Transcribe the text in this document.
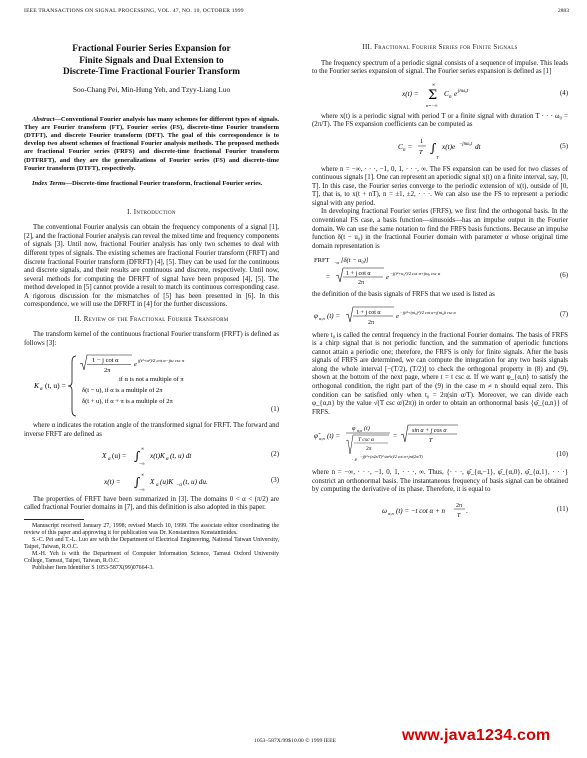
IEEE TRANSACTIONS ON SIGNAL PROCESSING, VOL. 47, NO. 10, OCTOBER 1999	2883
Fractional Fourier Series Expansion for
Finite Signals and Dual Extension to
Discrete-Time Fractional Fourier Transform
Soo-Chang Pei, Min-Hung Yeh, and Tzyy-Liang Luo
Abstract—Conventional Fourier analysis has many schemes for different types of signals. They are Fourier transform (FT), Fourier series (FS), discrete-time Fourier transform (DTFT), and discrete Fourier transform (DFT). The goal of this correspondence is to develop two absent schemes of fractional Fourier analysis methods. The proposed methods are fractional Fourier series (FRFS) and discrete-time fractional Fourier transform (DTFRFT), and they are the generalizations of Fourier series (FS) and discrete-time Fourier transform (DTFT), respectively.
Index Terms—Discrete-time fractional Fourier transform, fractional Fourier series.
I. Introduction

The conventional Fourier analysis can obtain the frequency components of a signal [1], [2], and the fractional Fourier analysis can reveal the mixed time and frequency components of signals [3]. Until now, fractional Fourier analysis has only two schemes to deal with different types of signals. The existing schemes are fractional Fourier transform (FRFT) and discrete fractional Fourier transform (DFRFT) [4], [5]. They can be used for the continuous and discrete signals, and their results are continuous and discrete, respectively. Until now, several methods for computing the DFRFT of signal have been proposed [4], [5]. The method developed in [5] cannot provide a result to match its continuous corresponding case. A rigorous discussion for the mismatches of [5] has been presented in [6]. In this correspondence, we will use the DFRFT in [4] for the further discussions.

II. Review of the Fractional Fourier Transform

The transform kernel of the continuous fractional Fourier transform (FRFT) is defined as follows [3]:

K α (t, u) =
1 − j cot α
2π
e
j(t²+u²)/2 cot α−jtu csc α
if α is not a multiple of π
δ(t − u), if α is a multiple of 2π
δ(t + u), if α + π is a multiple of 2π
(1)

where α indicates the rotation angle of the transformed signal for FRFT. The forward and inverse FRFT are defined as

X α (u) = ∫
∞
−∞
x(t)K α (t, u) dt	(2)
x(t) = ∫
∞
−∞
X α (u)K −α (t, u) du.	(3)

The properties of FRFT have been summarized in [3]. The domains 0 < α < (π/2) are called fractional Fourier domains in [7], and this definition is also adopted in this paper.

Manuscript received January 27, 1998; revised March 10, 1999. The associate editor coordinating the review of this paper and approving it for publication was Dr. Konstantinos Konstantinides.
S.-C. Pei and T.-L. Luo are with the Department of Electrical Engineering, National Taiwan University, Taipei, Taiwan, R.O.C.
M.-H. Yeh is with the Department of Computer Information Science, Tamsui Oxford University College, Tamsui, Taipei, Taiwan, R.O.C.
Publisher Item Identifier S 1053-587X(99)07664-3.
III. Fractional Fourier Series for Finite Signals

The frequency spectrum of a periodic signal consists of a sequence of impulse. This leads to the Fourier series expansion of signal. The Fourier series expansion is defined as [1]

x(t) = Σ
∞
n=−∞
C n e jnω₀t	(4)

where x(t) is a periodic signal with period T or a finite signal with duration T · · · ω₀ = (2π/T). The FS expansion coefficients can be computed as

C n =
1
T ∫
T
x(t)e −jnω₀t dt	(5)

where n = −∞, · · ·, −1, 0, 1, · · ·, ∞. The FS expansion can be used for two classes of continuous signals [1]. One can represent an aperiodic signal x(t) on a finite interval, say, [0, T]. In this case, the Fourier series converge to the periodic extension of x(t), outside of [0, T], that is, to x(t + nT), n = ±1, ±2, · · ·. We can also use the FS to represent a periodic signal with any period.

In developing fractional Fourier series (FRFS), we first find the orthogonal basis. In the conventional FS case, a basis function—sinusoids—has an impulse output in the Fourier domain. We can use the same notation to find the FRFS basis functions. Because an impulse function δ(t − u₀) in the fractional Fourier domain with parameter α whose original time domain representation is

FRFT −α [δ(t − u₀)]
=	1 + j cot α
2π
e
−j(t²+u₀²)/2 cot α+jtu₀ csc α	(6)

the definition of the basis signals of FRFS that we used is listed as

φ α,n (t) =	1 + j cot α
2π
e
−j(t²+(nt₀)²)/2 cot α+j(nt₀)t csc α	(7)

where t₀ is called the central frequency in the fractional Fourier domains. The basis of FRFS is a chirp signal that is not periodic function, and the summation of aperiodic functions cannot attain a periodic one; therefore, the FRFS is only for finite signals. After the basis signals of FRFS are determined, we can compute the integration for any two basis signals along the whole interval [−(T/2), (T/2)] to check the orthogonal property in (8) and (9), shown at the bottom of the next page, where t = t csc α. If we want φ_{α,n} to satisfy the orthogonal condition, the right part of the (9) in the case m ≠ n should equal zero. This condition can be satisfied only when t₀ = 2π(sin α/T). Moreover, we can divide each φ_{α,n} by the value √(T csc α/(2π)) in order to obtain an orthonormal basis {φ̂_{α,n}} of FRFS.

φ̂ α,n (t) =
φ α,n (t)
T csc α
2π
=
sin α + j cos α
T
· e
−j(t²+(n2π/T)² sin²α)/2 cot α+jnt(2π/T)	(10)

where n = −∞, · · ·, −1, 0, 1, · · ·, ∞. Thus, {· · ·, φ̂_{α,−1}, φ̂_{α,0}, φ̂_{α,1}, · · ·} constrict an orthonormal basis. The instantaneous frequency of basis signal can be obtained by computing the derivative of its phase. Therefore, it is equal to

ω α,n (t) = −t cot α + n
2π
T
.	(11)
1053–587X/99$10.00 © 1999 IEEE	www.java1234.com
